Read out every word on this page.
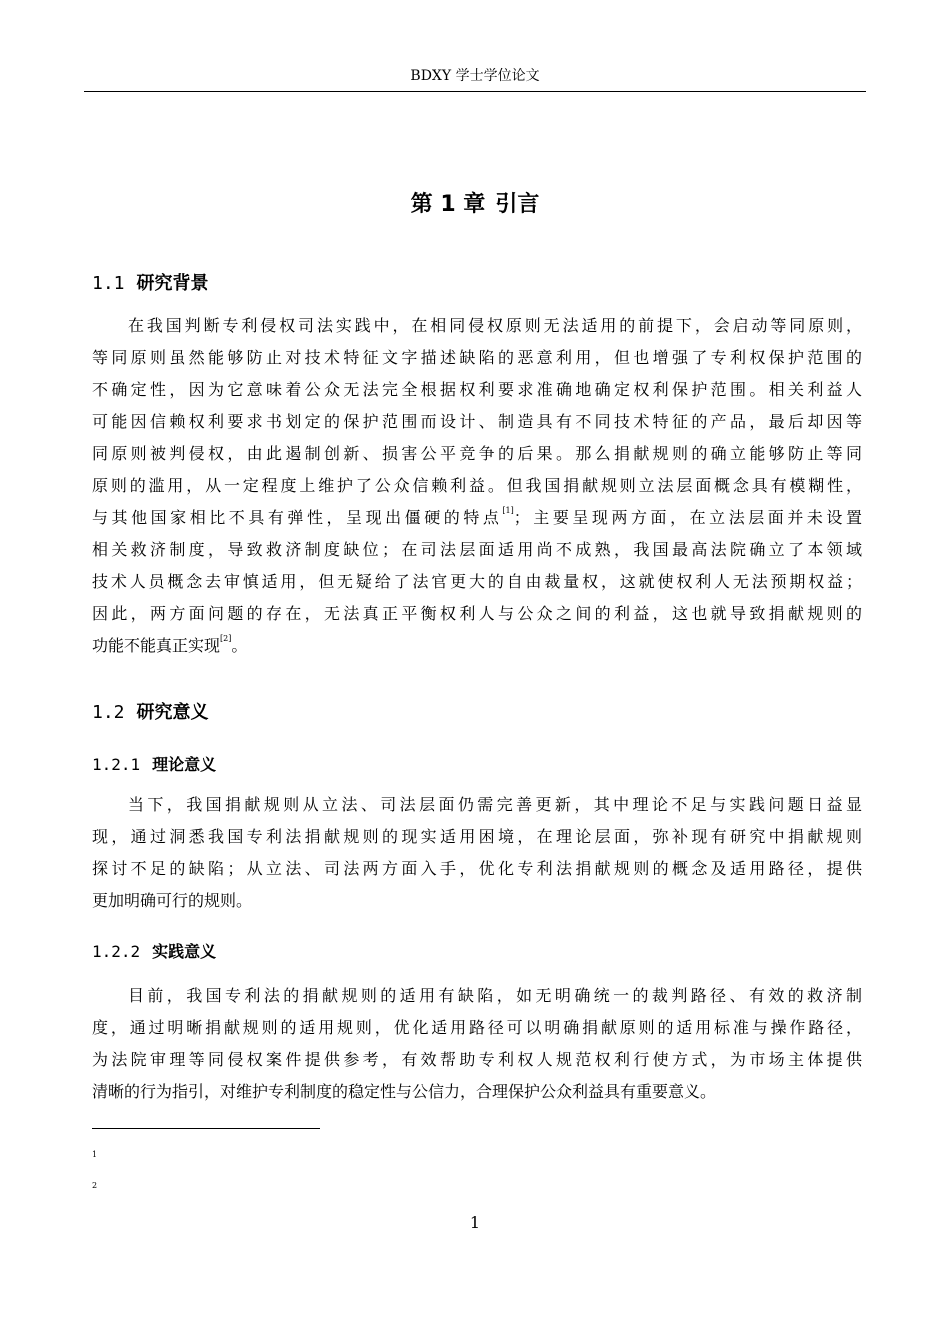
BDXY 学士学位论文
第 1 章 引言
1.1 研究背景
在我国判断专利侵权司法实践中，在相同侵权原则无法适用的前提下，会启动等同原则，
等同原则虽然能够防止对技术特征文字描述缺陷的恶意利用，但也增强了专利权保护范围的
不确定性，因为它意味着公众无法完全根据权利要求准确地确定权利保护范围。相关利益人
可能因信赖权利要求书划定的保护范围而设计、制造具有不同技术特征的产品，最后却因等
同原则被判侵权，由此遏制创新、损害公平竞争的后果。那么捐献规则的确立能够防止等同
原则的滥用，从一定程度上维护了公众信赖利益。但我国捐献规则立法层面概念具有模糊性，
与其他国家相比不具有弹性，呈现出僵硬的特点[1]；主要呈现两方面，在立法层面并未设置
相关救济制度，导致救济制度缺位；在司法层面适用尚不成熟，我国最高法院确立了本领域
技术人员概念去审慎适用，但无疑给了法官更大的自由裁量权，这就使权利人无法预期权益；
因此，两方面问题的存在，无法真正平衡权利人与公众之间的利益，这也就导致捐献规则的
功能不能真正实现[2]。
1.2 研究意义
1.2.1 理论意义
当下，我国捐献规则从立法、司法层面仍需完善更新，其中理论不足与实践问题日益显
现，通过洞悉我国专利法捐献规则的现实适用困境，在理论层面，弥补现有研究中捐献规则
探讨不足的缺陷；从立法、司法两方面入手，优化专利法捐献规则的概念及适用路径，提供
更加明确可行的规则。
1.2.2 实践意义
目前，我国专利法的捐献规则的适用有缺陷，如无明确统一的裁判路径、有效的救济制
度，通过明晰捐献规则的适用规则，优化适用路径可以明确捐献原则的适用标准与操作路径，
为法院审理等同侵权案件提供参考，有效帮助专利权人规范权利行使方式，为市场主体提供
清晰的行为指引，对维护专利制度的稳定性与公信力，合理保护公众利益具有重要意义。
1
2
1
